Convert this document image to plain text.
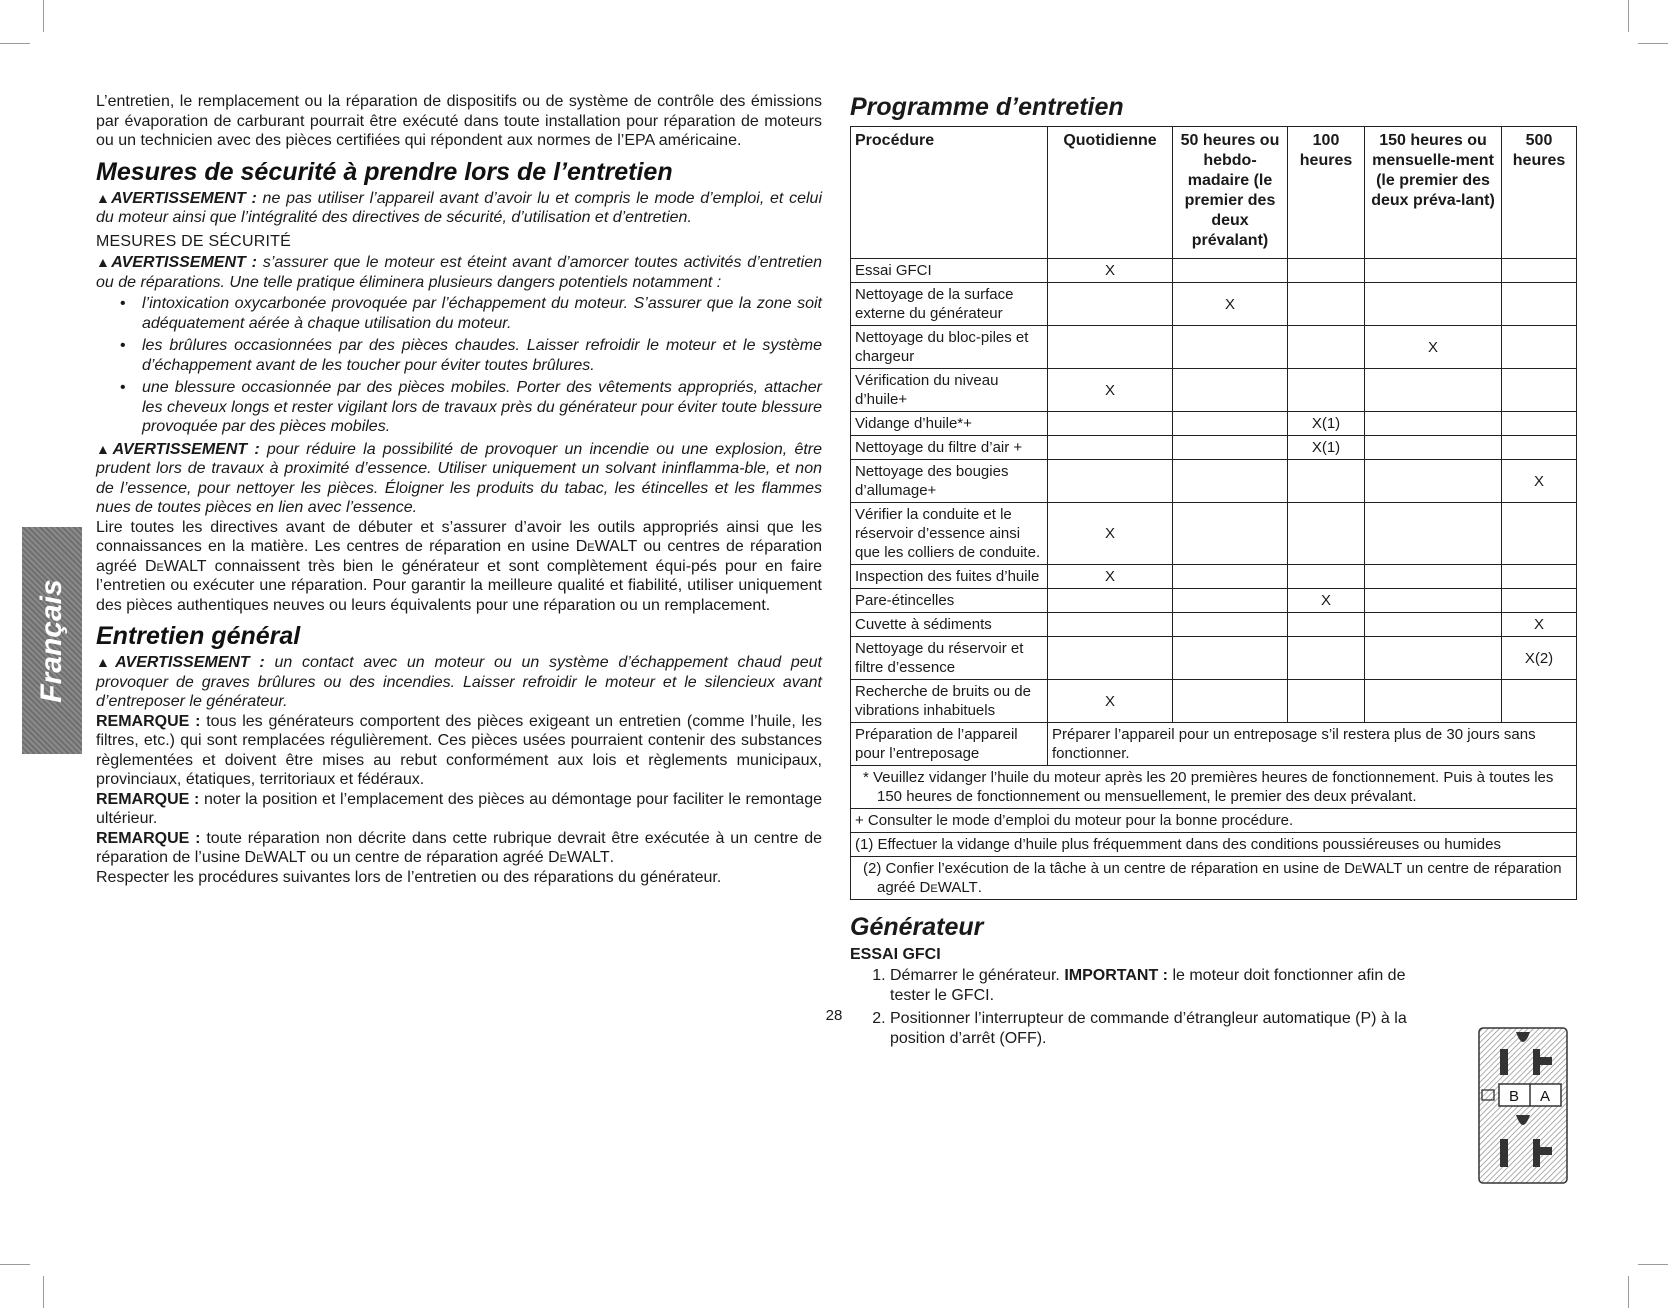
Français

L’entretien, le remplacement ou la réparation de dispositifs ou de système de contrôle des émissions par évaporation de carburant pourrait être exécuté dans toute installation pour réparation de moteurs ou un technicien avec des pièces certifiées qui répondent aux normes de l’EPA américaine.

Mesures de sécurité à prendre lors de l’entretien

▲AVERTISSEMENT : ne pas utiliser l’appareil avant d’avoir lu et compris le mode d’emploi, et celui du moteur ainsi que l’intégralité des directives de sécurité, d’utilisation et d’entretien.

MESURES DE SÉCURITÉ

▲AVERTISSEMENT : s’assurer que le moteur est éteint avant d’amorcer toutes activités d’entretien ou de réparations. Une telle pratique éliminera plusieurs dangers potentiels notamment :

• l’intoxication oxycarbonée provoquée par l’échappement du moteur. S’assurer que la zone soit adéquatement aérée à chaque utilisation du moteur.
• les brûlures occasionnées par des pièces chaudes. Laisser refroidir le moteur et le système d’échappement avant de les toucher pour éviter toutes brûlures.
• une blessure occasionnée par des pièces mobiles. Porter des vêtements appropriés, attacher les cheveux longs et rester vigilant lors de travaux près du générateur pour éviter toute blessure provoquée par des pièces mobiles.

▲AVERTISSEMENT : pour réduire la possibilité de provoquer un incendie ou une explosion, être prudent lors de travaux à proximité d’essence. Utiliser uniquement un solvant ininflamma-ble, et non de l’essence, pour nettoyer les pièces. Éloigner les produits du tabac, les étincelles et les flammes nues de toutes pièces en lien avec l’essence.

Lire toutes les directives avant de débuter et s’assurer d’avoir les outils appropriés ainsi que les connaissances en la matière. Les centres de réparation en usine DeWALT ou centres de réparation agréé DeWALT connaissent très bien le générateur et sont complètement équi-pés pour en faire l’entretien ou exécuter une réparation. Pour garantir la meilleure qualité et fiabilité, utiliser uniquement des pièces authentiques neuves ou leurs équivalents pour une réparation ou un remplacement.

Entretien général

▲AVERTISSEMENT : un contact avec un moteur ou un système d’échappement chaud peut provoquer de graves brûlures ou des incendies. Laisser refroidir le moteur et le silencieux avant d’entreposer le générateur.

REMARQUE : tous les générateurs comportent des pièces exigeant un entretien (comme l’huile, les filtres, etc.) qui sont remplacées régulièrement. Ces pièces usées pourraient contenir des substances règlementées et doivent être mises au rebut conformément aux lois et règlements municipaux, provinciaux, étatiques, territoriaux et fédéraux.

REMARQUE : noter la position et l’emplacement des pièces au démontage pour faciliter le remontage ultérieur.

REMARQUE : toute réparation non décrite dans cette rubrique devrait être exécutée à un centre de réparation de l’usine DeWALT ou un centre de réparation agréé DeWALT.

Respecter les procédures suivantes lors de l’entretien ou des réparations du générateur.

Programme d’entretien
Procédure	Quotidienne	50 heures ou hebdo-madaire (le premier des deux prévalant)	100 heures	150 heures ou mensuelle-ment (le premier des deux préva-lant)	500 heures
Essai GFCI	X				
Nettoyage de la surface externe du générateur		X			
Nettoyage du bloc-piles et chargeur				X	
Vérification du niveau d’huile+	X				
Vidange d’huile*+			X(1)		
Nettoyage du filtre d’air +			X(1)		
Nettoyage des bougies d’allumage+					X
Vérifier la conduite et le réservoir d’essence ainsi que les colliers de conduite.	X				
Inspection des fuites d’huile	X				
Pare-étincelles			X		
Cuvette à sédiments					X
Nettoyage du réservoir et filtre d’essence					X(2)
Recherche de bruits ou de vibrations inhabituels	X				
Préparation de l’appareil pour l’entreposage	Préparer l’appareil pour un entreposage s’il restera plus de 30 jours sans fonctionner.				

* Veuillez vidanger l’huile du moteur après les 20 premières heures de fonctionnement. Puis à toutes les 150 heures de fonctionnement ou mensuellement, le premier des deux prévalant.					

+ Consulter le mode d’emploi du moteur pour la bonne procédure.					
(1) Effectuer la vidange d’huile plus fréquemment dans des conditions poussiéreuses ou humides					

(2) Confier l’exécution de la tâche à un centre de réparation en usine de DeWALT un centre de réparation agréé DeWALT.					
Générateur
ESSAI GFCI
1. Démarrer le générateur. IMPORTANT : le moteur doit fonctionner afin de tester le GFCI.
2. Positionner l’interrupteur de commande d’étrangleur automatique (P) à la position d’arrêt (OFF).
B A
28
